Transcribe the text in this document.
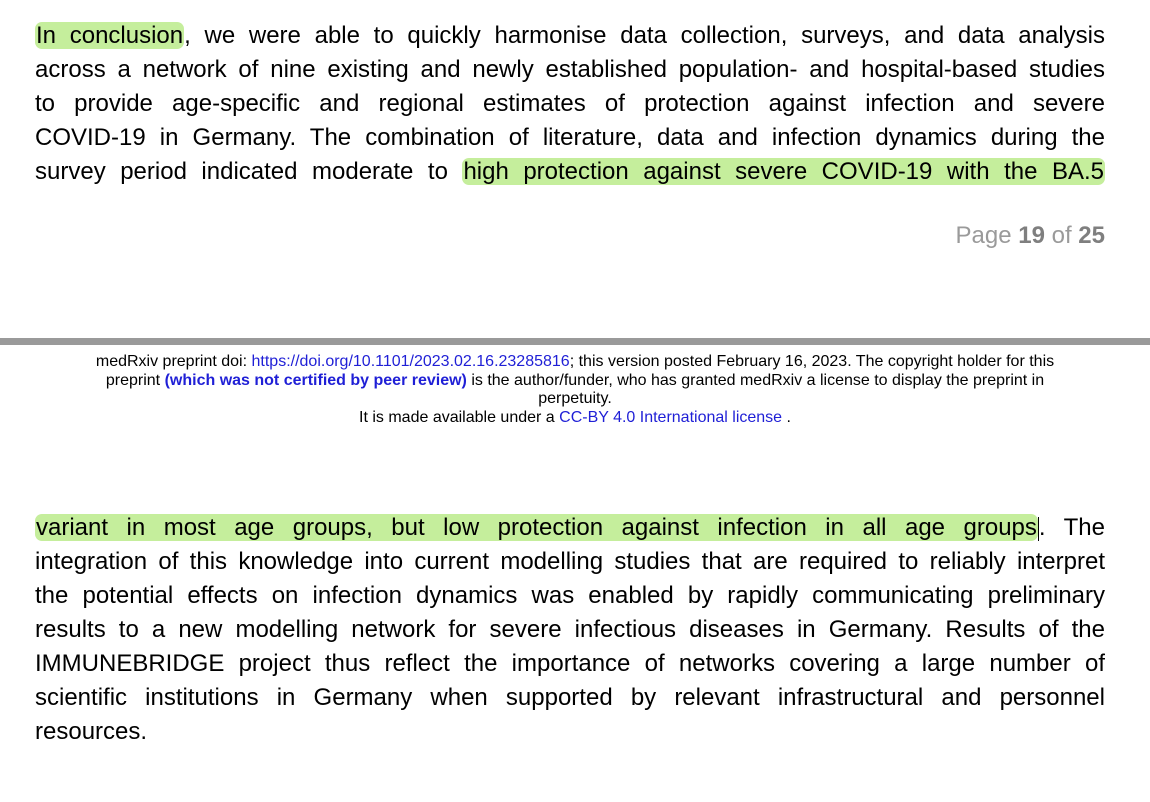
In conclusion, we were able to quickly harmonise data collection, surveys, and data analysis
across a network of nine existing and newly established population- and hospital-based studies
to provide age-specific and regional estimates of protection against infection and severe
COVID-19 in Germany. The combination of literature, data and infection dynamics during the
survey period indicated moderate to high protection against severe COVID-19 with the BA.5
Page 19 of 25
medRxiv preprint doi: https://doi.org/10.1101/2023.02.16.23285816; this version posted February 16, 2023. The copyright holder for this
preprint (which was not certified by peer review) is the author/funder, who has granted medRxiv a license to display the preprint in
perpetuity.
It is made available under a CC-BY 4.0 International license .
variant in most age groups, but low protection against infection in all age groups. The
integration of this knowledge into current modelling studies that are required to reliably interpret
the potential effects on infection dynamics was enabled by rapidly communicating preliminary
results to a new modelling network for severe infectious diseases in Germany. Results of the
IMMUNEBRIDGE project thus reflect the importance of networks covering a large number of
scientific institutions in Germany when supported by relevant infrastructural and personnel
resources.
